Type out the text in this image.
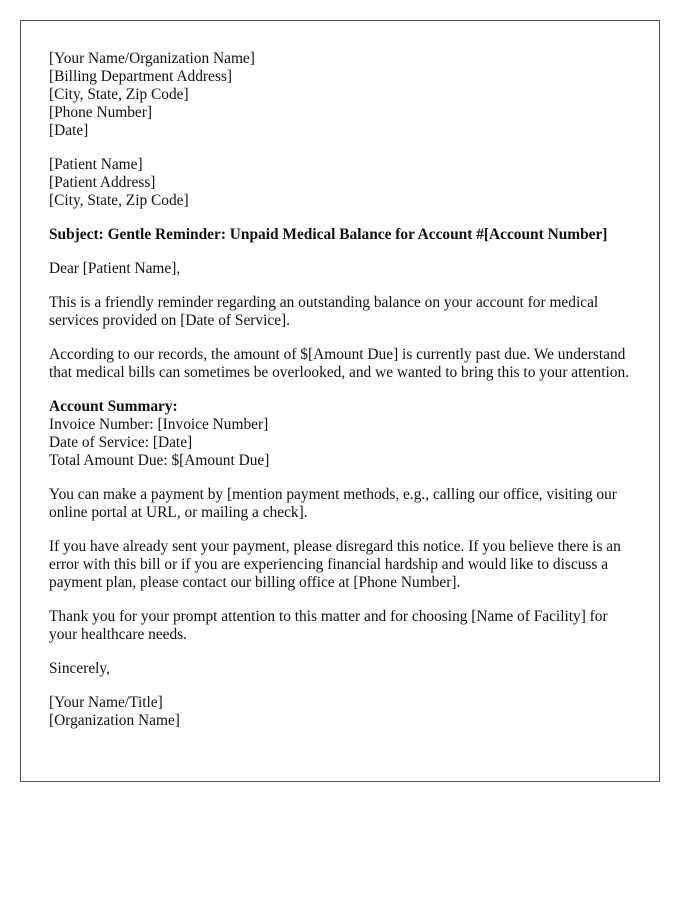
[Your Name/Organization Name]
[Billing Department Address]
[City, State, Zip Code]
[Phone Number]
[Date]
[Patient Name]
[Patient Address]
[City, State, Zip Code]

Subject: Gentle Reminder: Unpaid Medical Balance for Account #[Account Number]

Dear [Patient Name],

This is a friendly reminder regarding an outstanding balance on your account for medical services provided on [Date of Service].

According to our records, the amount of $[Amount Due] is currently past due. We understand that medical bills can sometimes be overlooked, and we wanted to bring this to your attention.

Account Summary:
Invoice Number: [Invoice Number]
Date of Service: [Date]
Total Amount Due: $[Amount Due]

You can make a payment by [mention payment methods, e.g., calling our office, visiting our online portal at URL, or mailing a check].

If you have already sent your payment, please disregard this notice. If you believe there is an error with this bill or if you are experiencing financial hardship and would like to discuss a payment plan, please contact our billing office at [Phone Number].

Thank you for your prompt attention to this matter and for choosing [Name of Facility] for your healthcare needs.

Sincerely,

[Your Name/Title]
[Organization Name]
